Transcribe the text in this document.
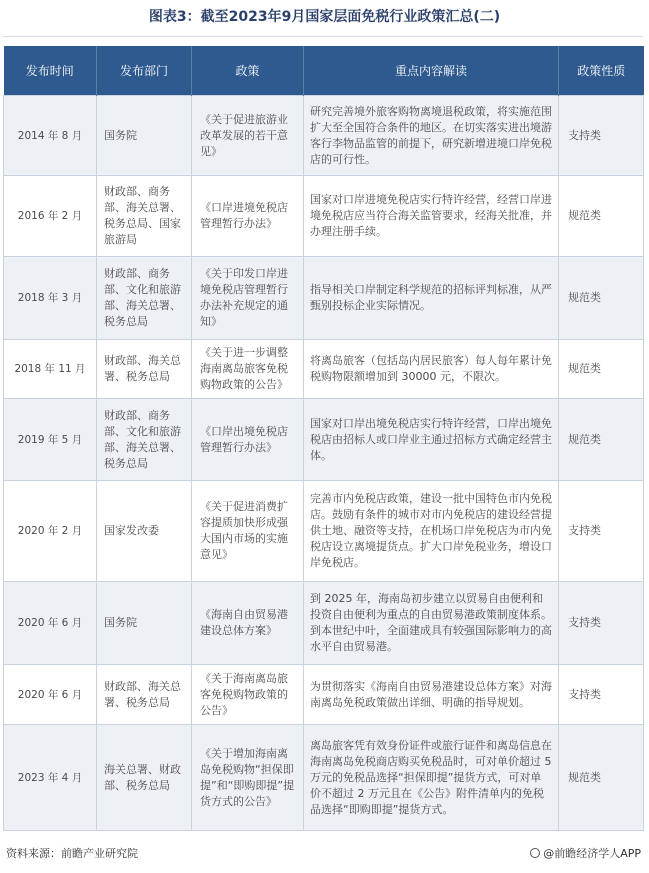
图表3：截至2023年9月国家层面免税行业政策汇总(二)
发布时间	发布部门	政策	重点内容解读	政策性质
2014 年 8 月	国务院	《关于促进旅游业改革发展的若干意见》	研究完善境外旅客购物离境退税政策，将实施范围扩大至全国符合条件的地区。在切实落实进出境游客行李物品监管的前提下，研究新增进境口岸免税店的可行性。	支持类
2016 年 2 月	财政部、商务部、海关总署、税务总局、国家旅游局	《口岸进境免税店管理暂行办法》	国家对口岸进境免税店实行特许经营，经营口岸进境免税店应当符合海关监管要求，经海关批准，并办理注册手续。	规范类
2018 年 3 月	财政部、商务部、文化和旅游部、海关总署、税务总局	《关于印发口岸进境免税店管理暂行办法补充规定的通知》	指导相关口岸制定科学规范的招标评判标准，从严甄别投标企业实际情况。	规范类
2018 年 11 月	财政部、海关总署、税务总局	《关于进一步调整海南离岛旅客免税购物政策的公告》	将离岛旅客（包括岛内居民旅客）每人每年累计免税购物限额增加到 30000 元，不限次。	规范类
2019 年 5 月	财政部、商务部、文化和旅游部、海关总署、税务总局	《口岸出境免税店管理暂行办法》	国家对口岸出境免税店实行特许经营，口岸出境免税店由招标人或口岸业主通过招标方式确定经营主体。	规范类
2020 年 2 月	国家发改委	《关于促进消费扩容提质加快形成强大国内市场的实施意见》	完善市内免税店政策，建设一批中国特色市内免税店。鼓励有条件的城市对市内免税店的建设经营提供土地、融资等支持，在机场口岸免税店为市内免税店设立离境提货点。扩大口岸免税业务，增设口岸免税店。	支持类
2020 年 6 月	国务院	《海南自由贸易港建设总体方案》	到 2025 年，海南岛初步建立以贸易自由便利和投资自由便利为重点的自由贸易港政策制度体系。到本世纪中叶，全面建成具有较强国际影响力的高水平自由贸易港。	支持类
2020 年 6 月	财政部、海关总署、税务总局	《关于海南离岛旅客免税购物政策的公告》	为贯彻落实《海南自由贸易港建设总体方案》对海南离岛免税政策做出详细、明确的指导规划。	支持类
2023 年 4 月	海关总署、财政部、税务总局	《关于增加海南离岛免税购物“担保即提”和“即购即提”提货方式的公告》	离岛旅客凭有效身份证件或旅行证件和离岛信息在海南离岛免税商店购买免税品时，可对单价超过 5 万元的免税品选择“担保即提”提货方式，可对单价不超过 2 万元且在《公告》附件清单内的免税品选择“即购即提”提货方式。	规范类
资料来源：前瞻产业研究院	@前瞻经济学人APP
